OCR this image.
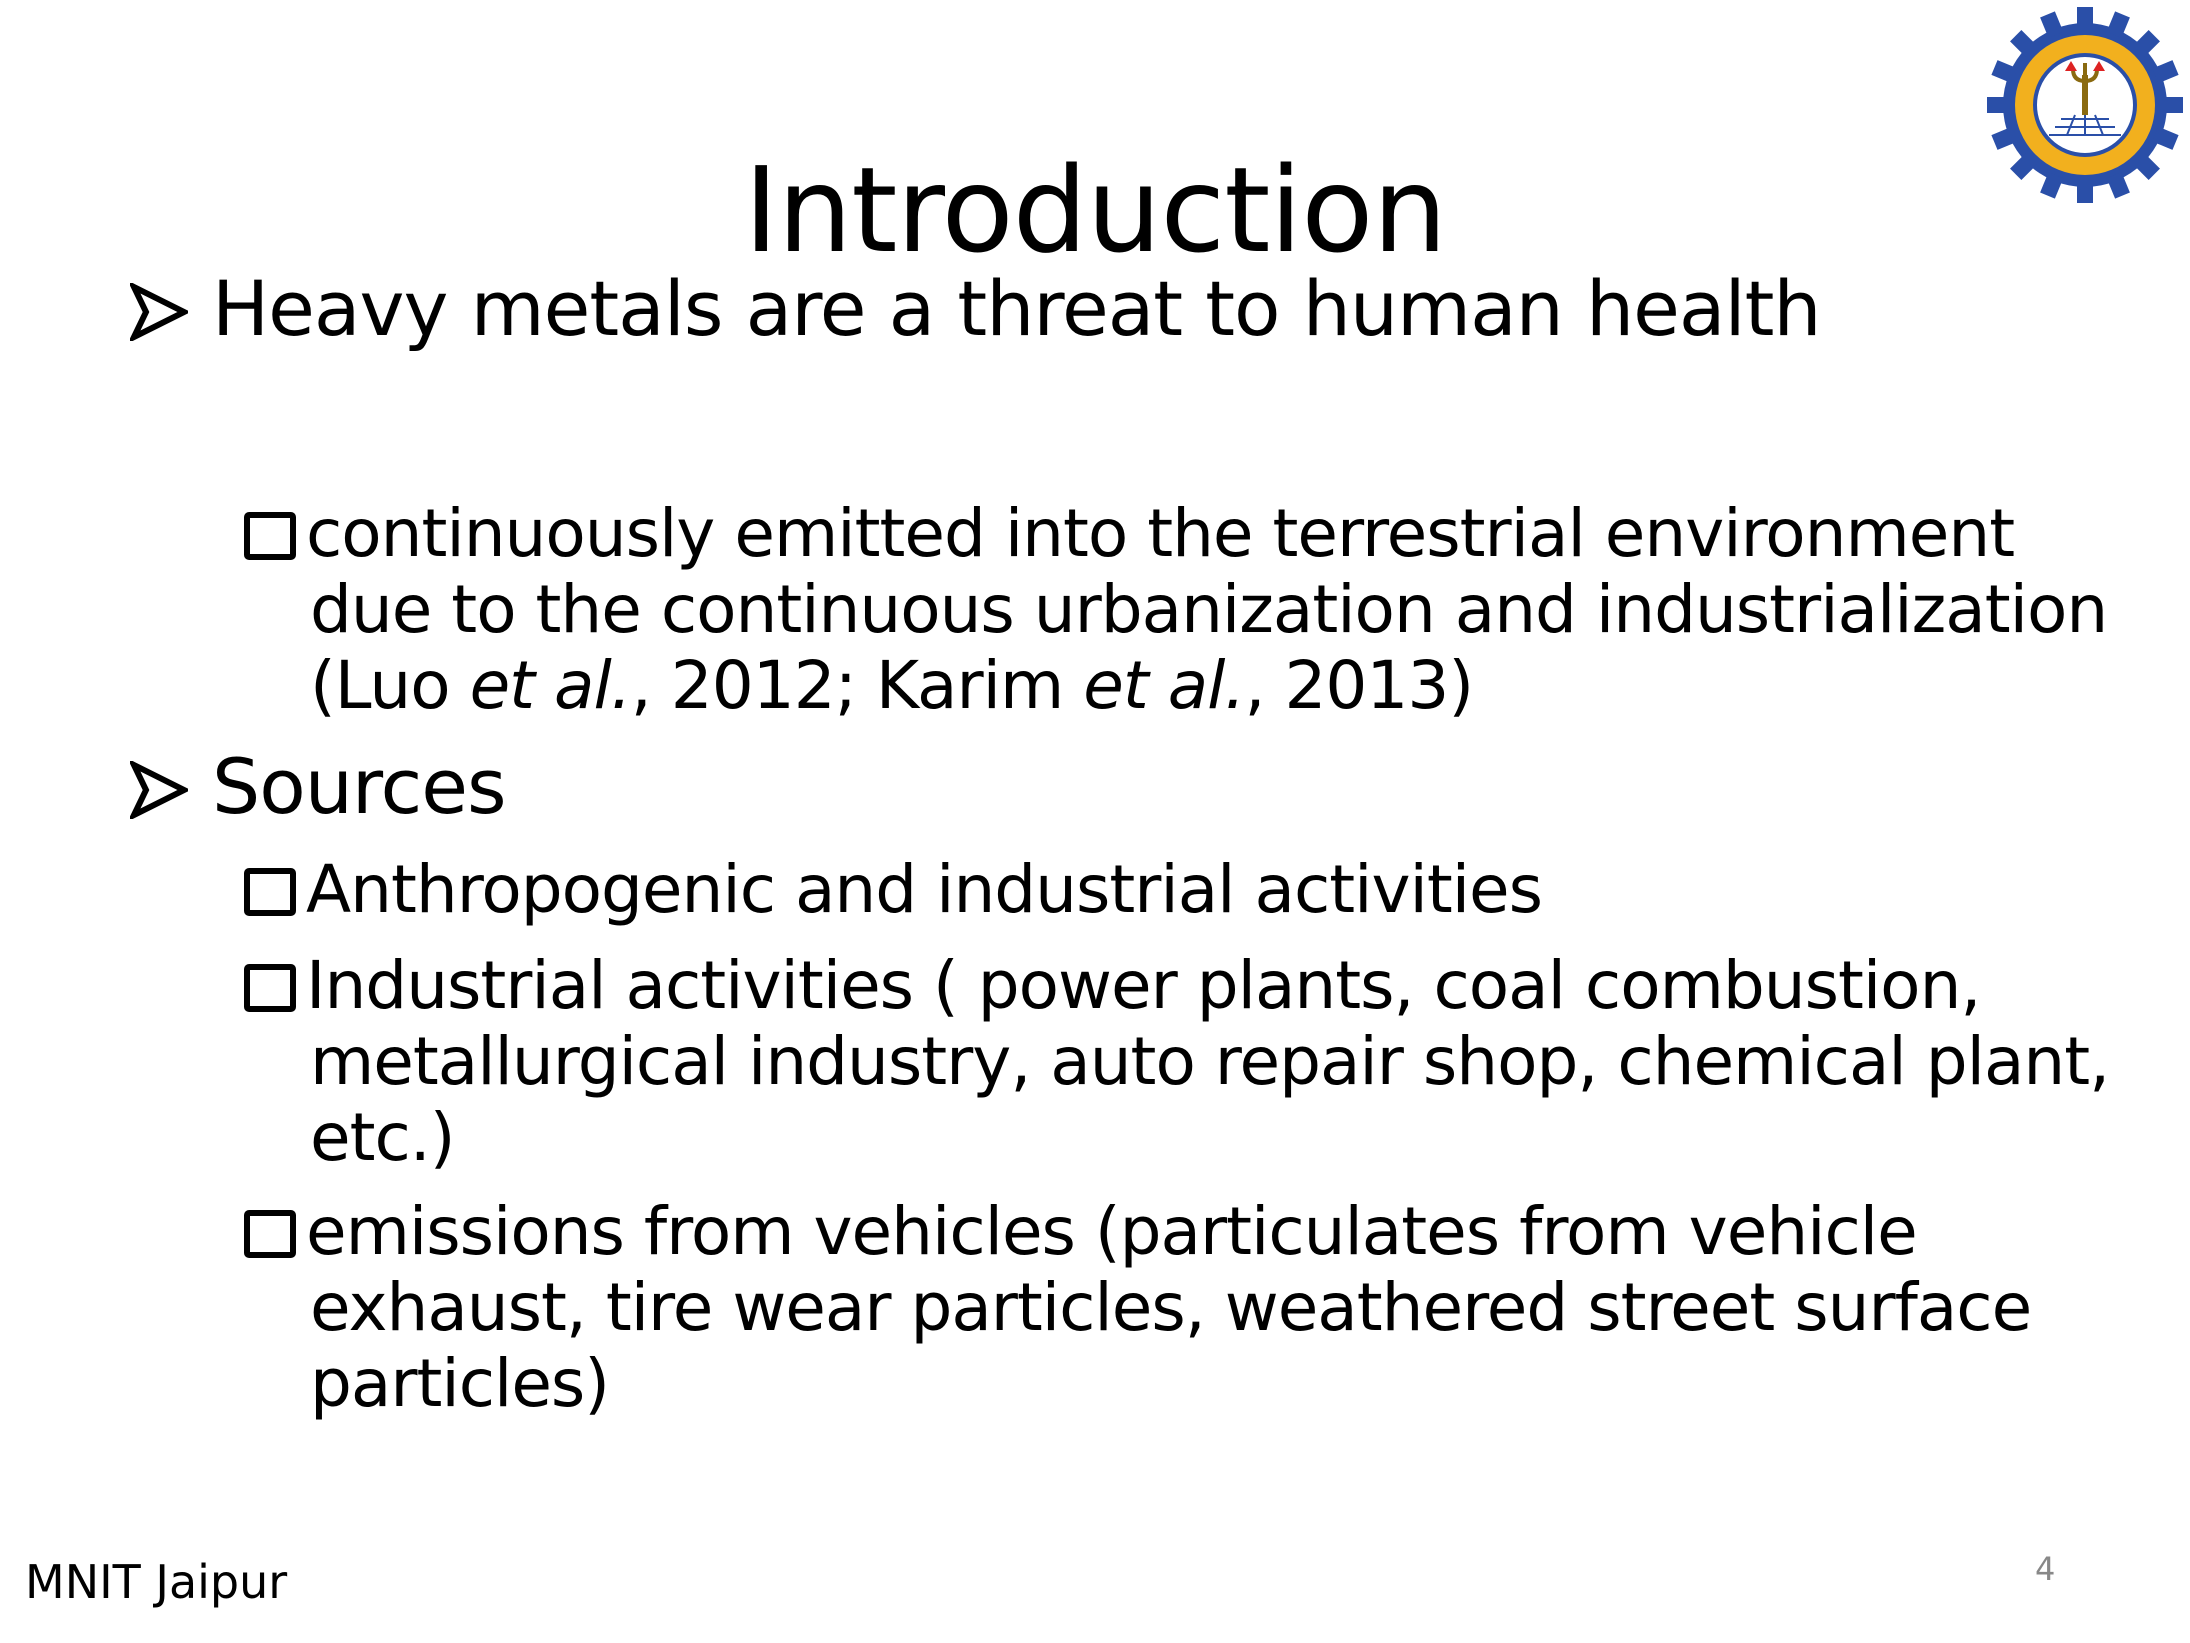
Introduction
Heavy metals are a threat to human health
continuously emitted into the terrestrial environment due to the continuous urbanization and industrialization (Luo et al., 2012; Karim et al., 2013)
Sources
Anthropogenic and industrial activities
Industrial activities ( power plants, coal combustion, metallurgical industry, auto repair shop, chemical plant, etc.)
emissions from vehicles (particulates from vehicle exhaust, tire wear particles, weathered street surface particles)
MNIT Jaipur	4
